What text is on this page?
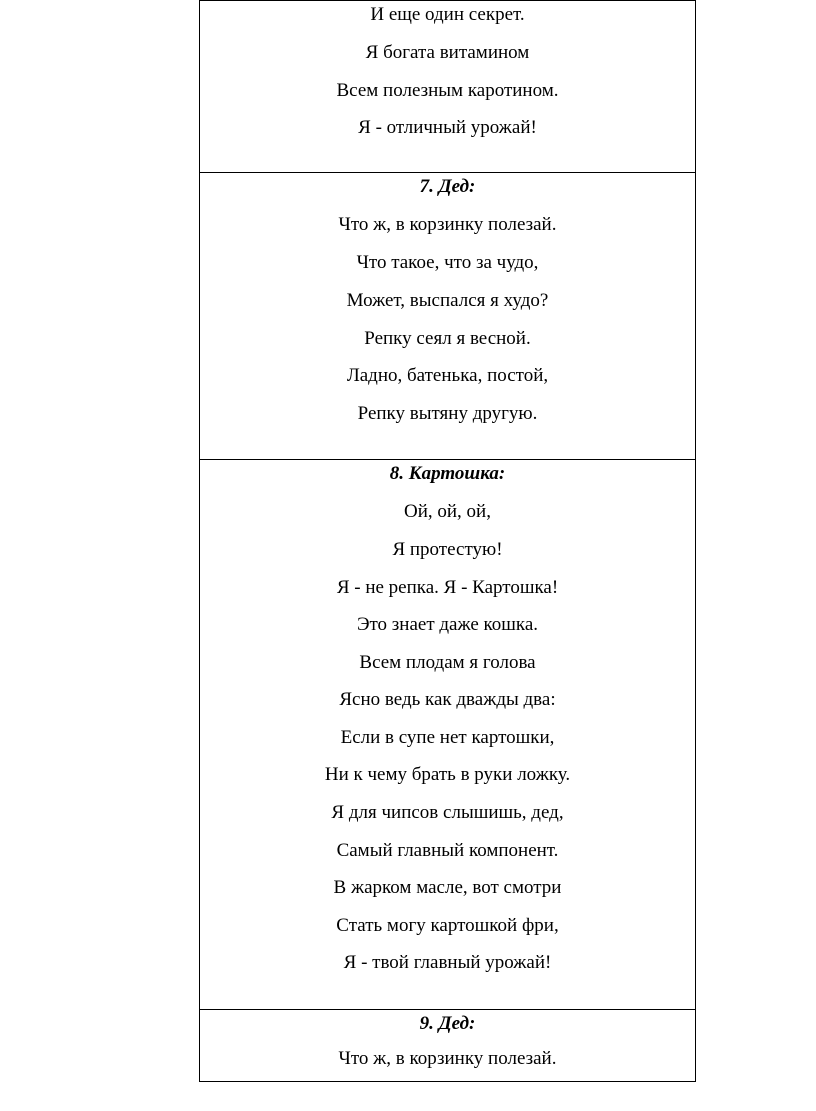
И еще один секрет.
Я богата витамином
Всем полезным каротином.
Я - отличный урожай!
7. Дед:
Что ж, в корзинку полезай.
Что такое, что за чудо,
Может, выспался я худо?
Репку сеял я весной.
Ладно, батенька, постой,
Репку вытяну другую.
8. Картошка:
Ой, ой, ой,
Я протестую!
Я - не репка. Я - Картошка!
Это знает даже кошка.
Всем плодам я голова
Ясно ведь как дважды два:
Если в супе нет картошки,
Ни к чему брать в руки ложку.
Я для чипсов слышишь, дед,
Самый главный компонент.
В жарком масле, вот смотри
Стать могу картошкой фри,
Я - твой главный урожай!
9. Дед:
Что ж, в корзинку полезай.
